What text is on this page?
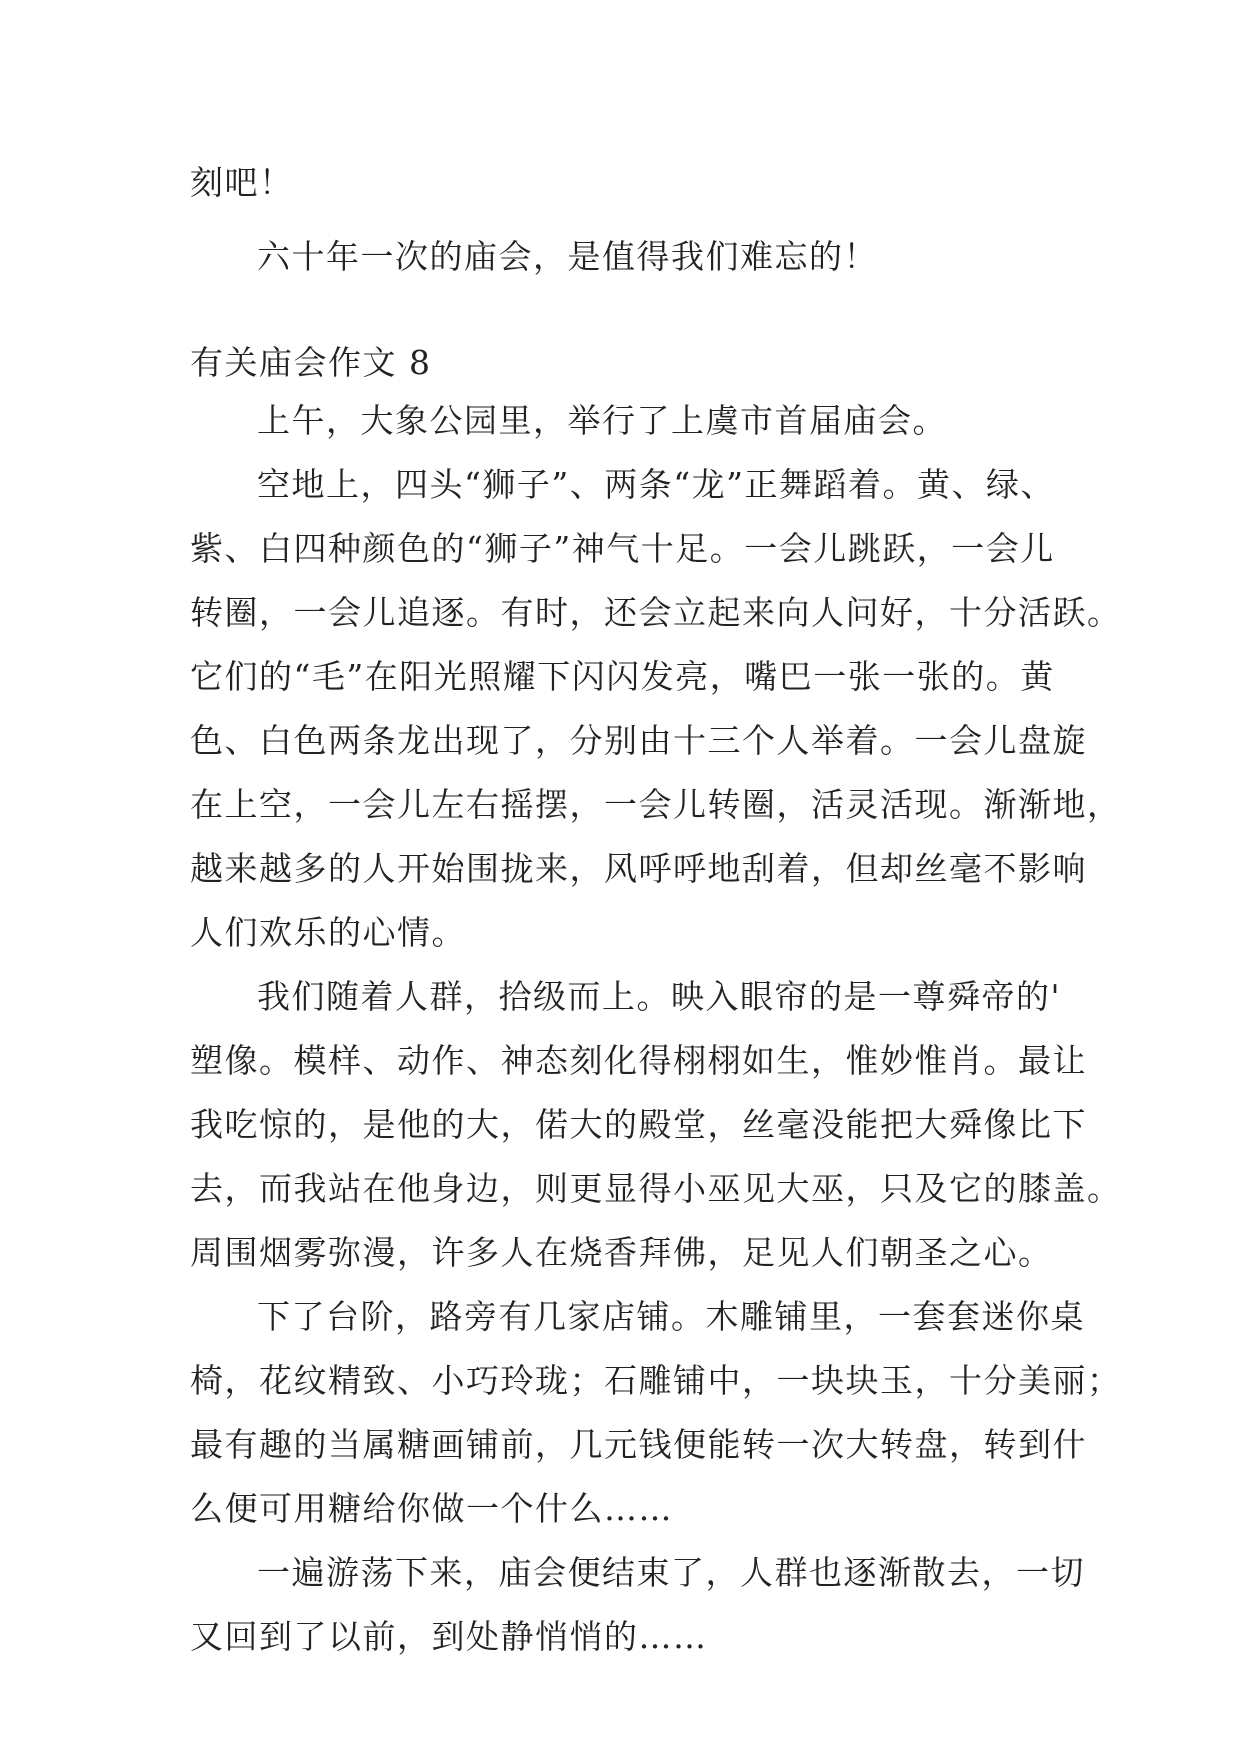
刻吧！
六十年一次的庙会，是值得我们难忘的！
有关庙会作文 8
上午，大象公园里，举行了上虞市首届庙会。
空地上，四头“狮子”、两条“龙”正舞蹈着。黄、绿、
紫、白四种颜色的“狮子”神气十足。一会儿跳跃，一会儿
转圈，一会儿追逐。有时，还会立起来向人问好，十分活跃。
它们的“毛”在阳光照耀下闪闪发亮，嘴巴一张一张的。黄
色、白色两条龙出现了，分别由十三个人举着。一会儿盘旋
在上空，一会儿左右摇摆，一会儿转圈，活灵活现。渐渐地，
越来越多的人开始围拢来，风呼呼地刮着，但却丝毫不影响
人们欢乐的心情。
我们随着人群，拾级而上。映入眼帘的是一尊舜帝的'
塑像。模样、动作、神态刻化得栩栩如生，惟妙惟肖。最让
我吃惊的，是他的大，偌大的殿堂，丝毫没能把大舜像比下
去，而我站在他身边，则更显得小巫见大巫，只及它的膝盖。
周围烟雾弥漫，许多人在烧香拜佛，足见人们朝圣之心。
下了台阶，路旁有几家店铺。木雕铺里，一套套迷你桌
椅，花纹精致、小巧玲珑；石雕铺中，一块块玉，十分美丽；
最有趣的当属糖画铺前，几元钱便能转一次大转盘，转到什
么便可用糖给你做一个什么……
一遍游荡下来，庙会便结束了，人群也逐渐散去，一切
又回到了以前，到处静悄悄的……
